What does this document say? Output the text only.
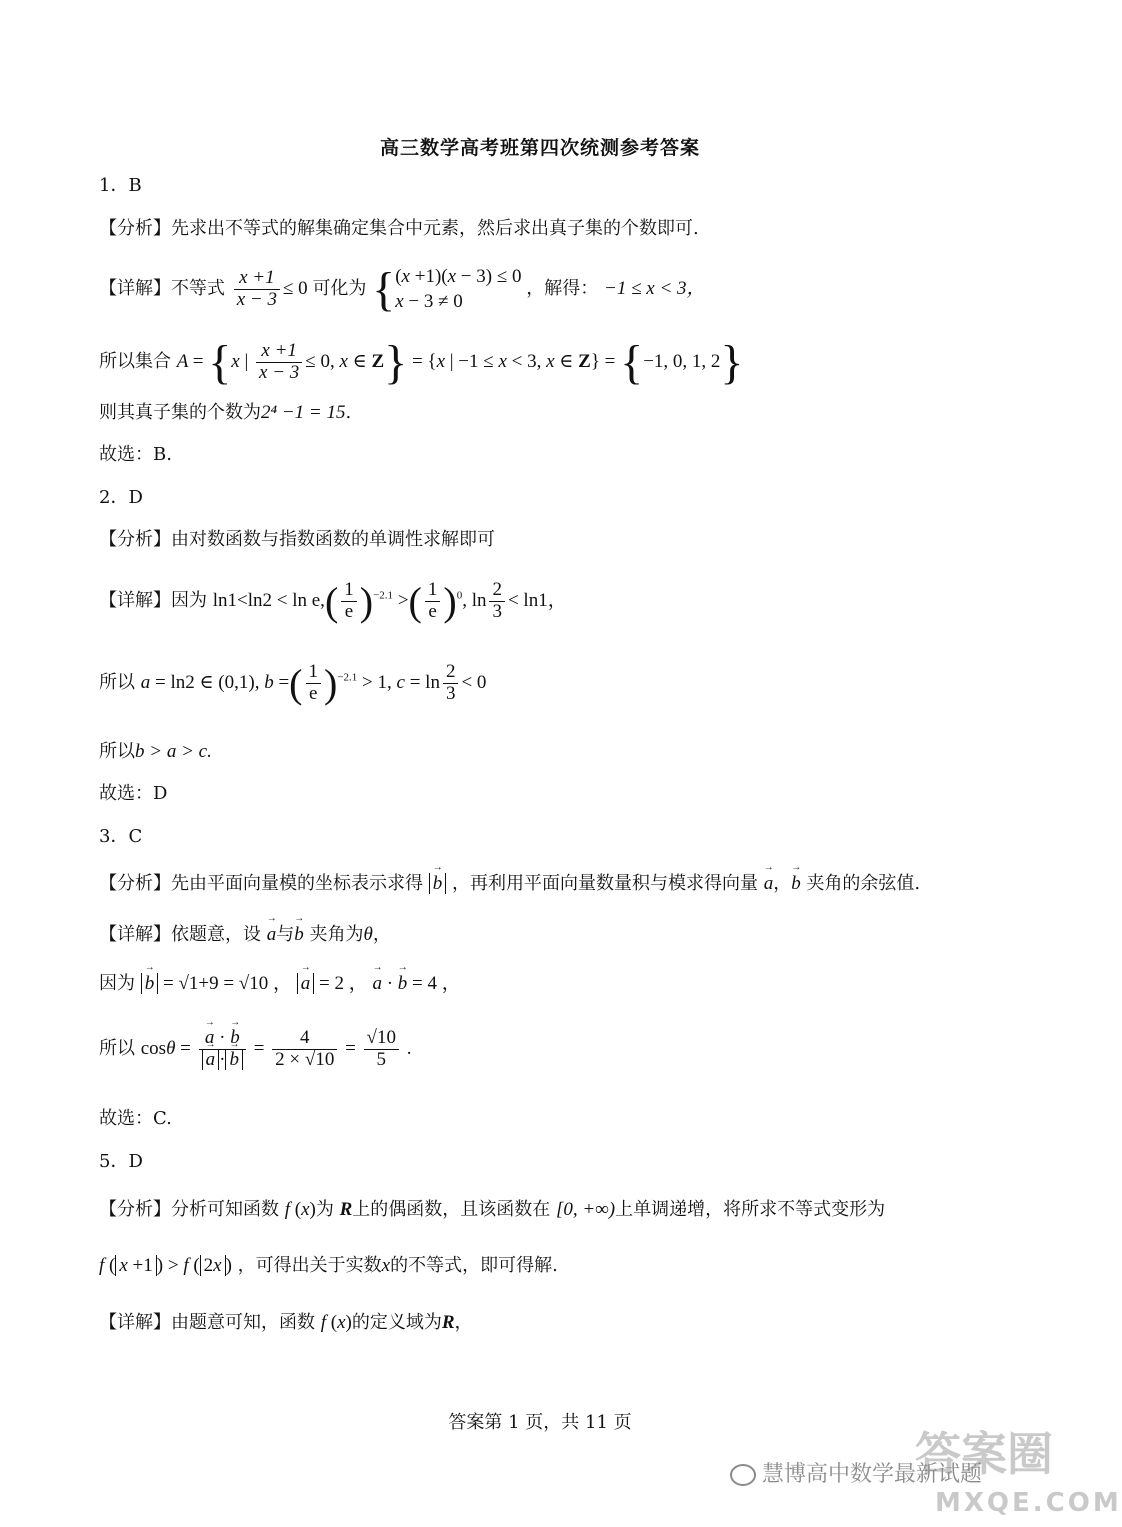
高三数学高考班第四次统测参考答案
1．B
【分析】先求出不等式的解集确定集合中元素，然后求出真子集的个数即可.
【详解】不等式 $\frac{x +1}{x - 3} \le 0$ 可化为 {(x +1)(x − 3) ≤ 0
x − 3 ≠ 0 ，解得： −1 ≤ x < 3，
所以集合 A = {x | $\frac{x +1}{x - 3} \le 0$, x ∈ Z} = {x | −1 ≤ x < 3, x ∈ Z} = {−1, 0, 1, 2}
则其真子集的个数为2⁴ −1 = 15.
故选：B.
2．D
【分析】由对数函数与指数函数的单调性求解即可
【详解】因为 $\ln 1<\ln 2 < \ln e,( \frac{1}{e} )^{-2.1}$ >( $\frac{1}{e} )^0$, $\ln \frac{2}{3} < \ln 1$，
所以 a = ln2 ∈ (0,1), b =( $\frac{1}{e} )^{-2.1} > 1$, $c = \ln \frac{2}{3} < 0$
所以b > a > c.
故选：D
3．C
【分析】先由平面向量模的坐标表示求得 → b ，再利用平面向量数量积与模求得向量 → a，→ b 夹角的余弦值.
【详解】依题意，设 → a与→ b 夹角为θ，
因为 → b = √1+9 = √10 ， → a = 2 ， → a · → b = 4 ，
所以 cosθ =
→ a · → b
→ $a \cdot\to b = \frac{4}{2 \times √10} = \frac{√10}{5}$ .
故选：C.
5．D
【分析】分析可知函数 f (x)为 R上的偶函数，且该函数在 [0, +∞)上单调递增，将所求不等式变形为
f ( x +1 ) > f ( 2x ) ，可得出关于实数x的不等式，即可得解.
【详解】由题意可知，函数 f (x)的定义域为R，
答案第 1 页，共 11 页
答案圈
MXQE.COM
慧博高中数学最新试题
